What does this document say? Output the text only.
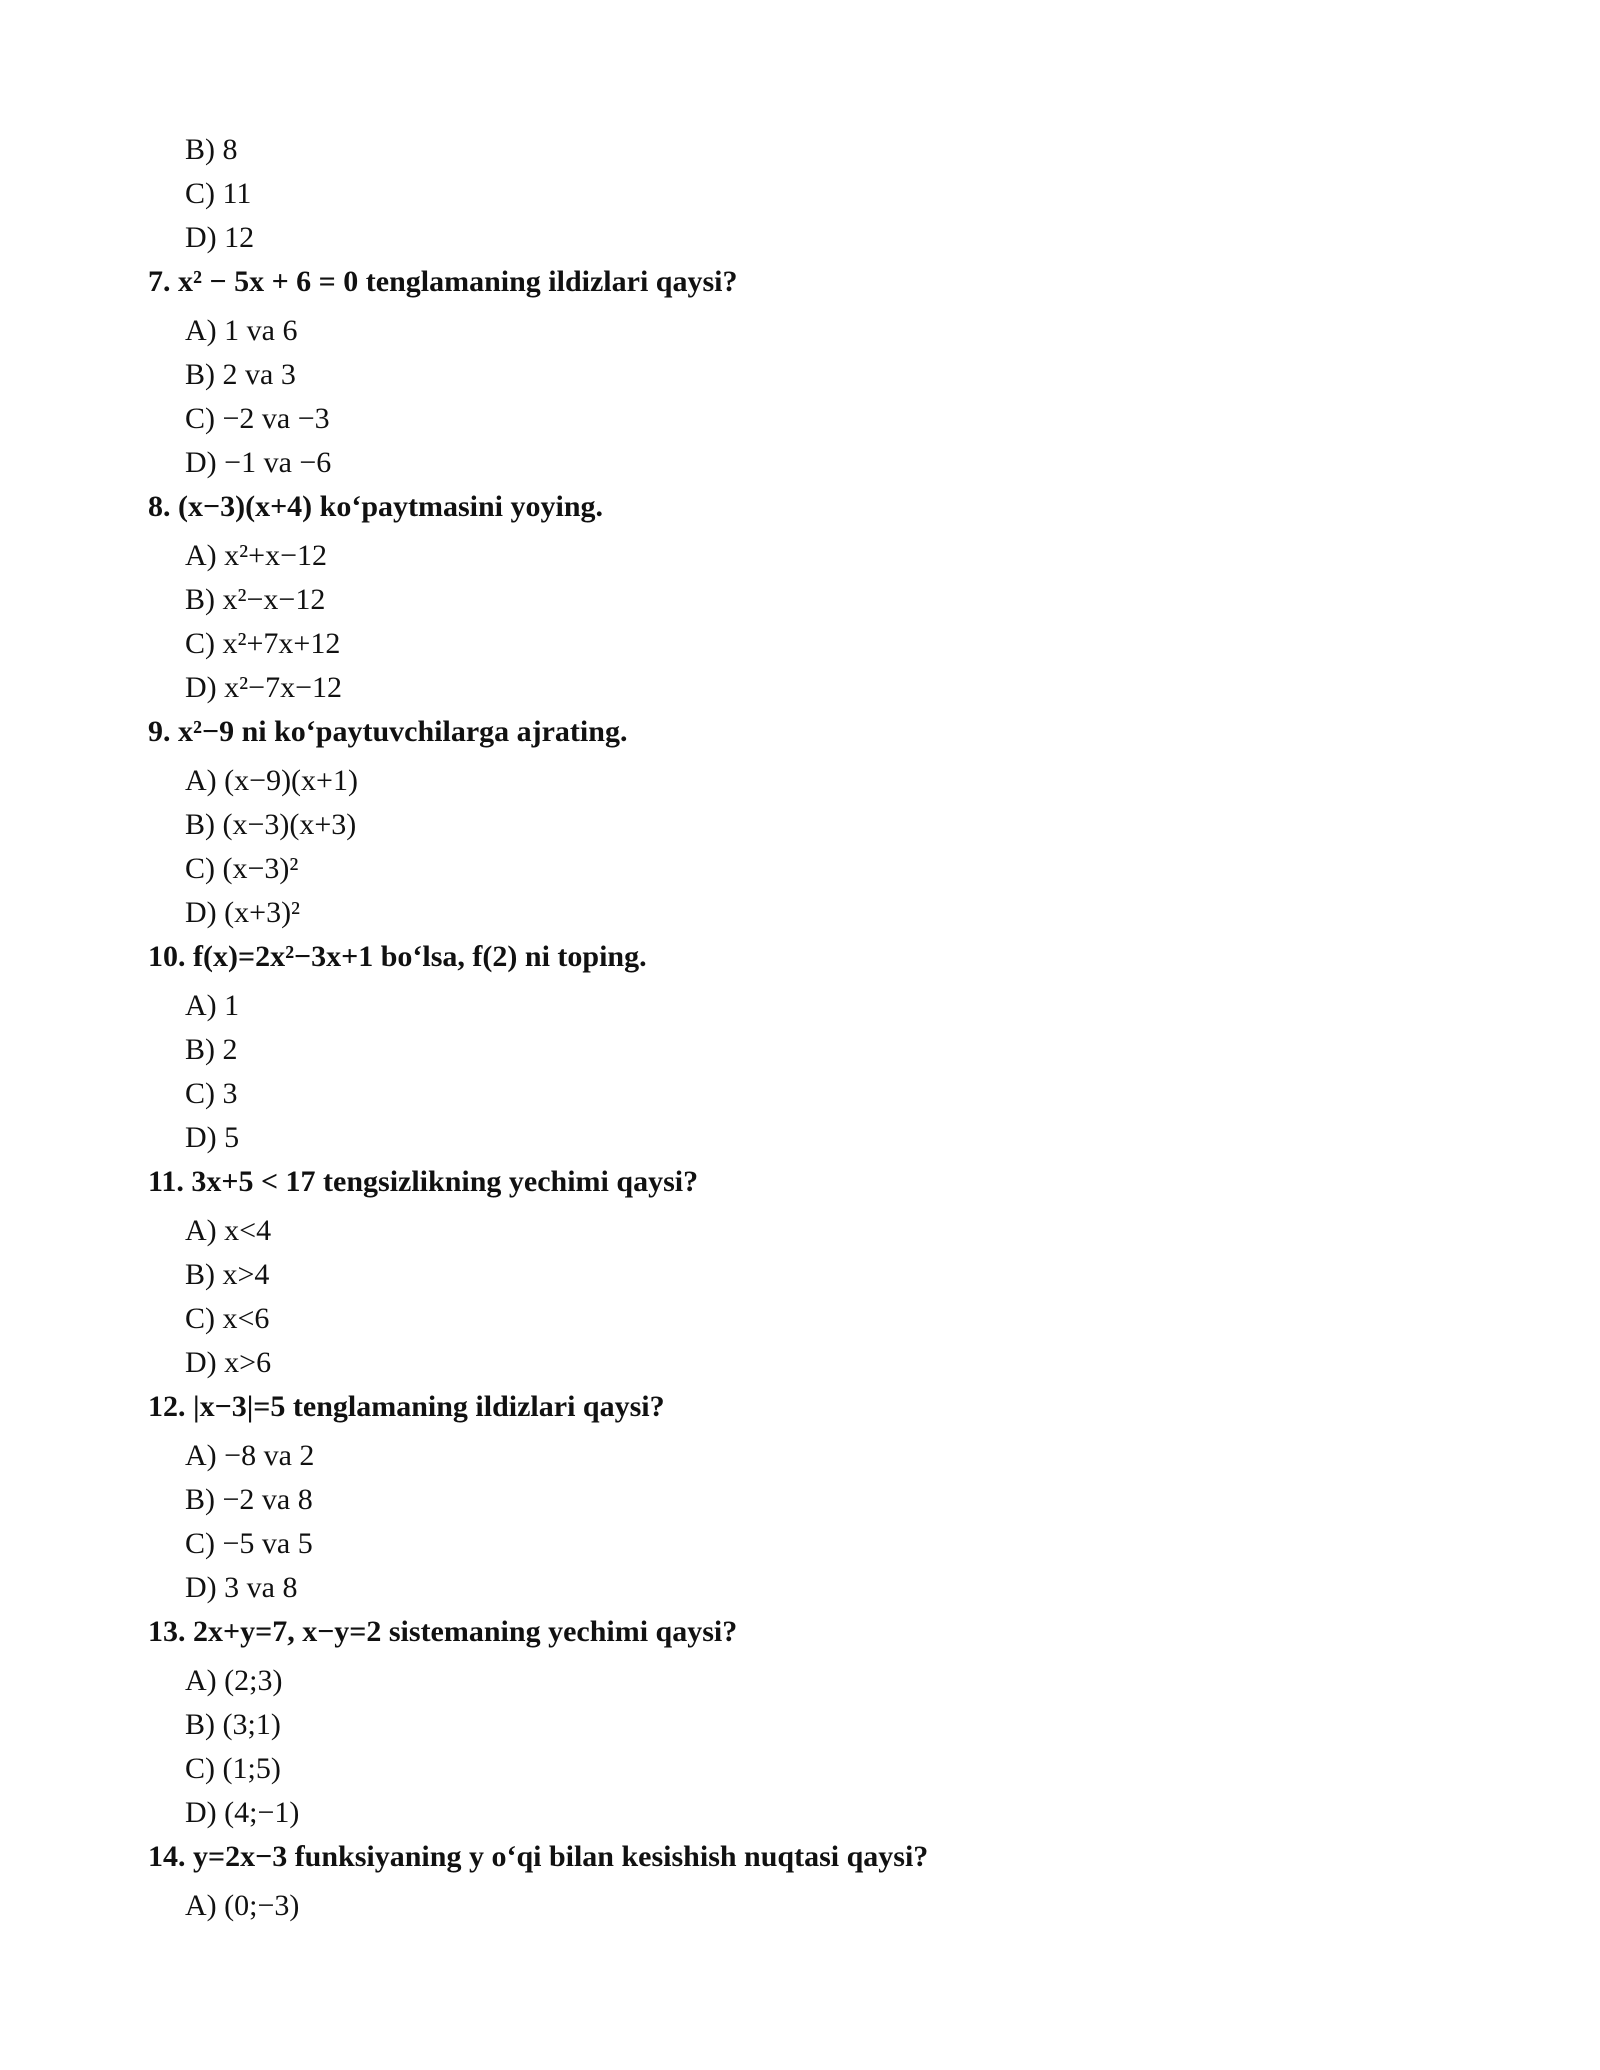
B) 8
C) 11
D) 12
7. x² − 5x + 6 = 0 tenglamaning ildizlari qaysi?
A) 1 va 6
B) 2 va 3
C) −2 va −3
D) −1 va −6
8. (x−3)(x+4) ko‘paytmasini yoying.
A) x²+x−12
B) x²−x−12
C) x²+7x+12
D) x²−7x−12
9. x²−9 ni ko‘paytuvchilarga ajrating.
A) (x−9)(x+1)
B) (x−3)(x+3)
C) (x−3)²
D) (x+3)²
10. f(x)=2x²−3x+1 bo‘lsa, f(2) ni toping.
A) 1
B) 2
C) 3
D) 5
11. 3x+5 < 17 tengsizlikning yechimi qaysi?
A) x<4
B) x>4
C) x<6
D) x>6
12. |x−3|=5 tenglamaning ildizlari qaysi?
A) −8 va 2
B) −2 va 8
C) −5 va 5
D) 3 va 8
13. 2x+y=7, x−y=2 sistemaning yechimi qaysi?
A) (2;3)
B) (3;1)
C) (1;5)
D) (4;−1)
14. y=2x−3 funksiyaning y o‘qi bilan kesishish nuqtasi qaysi?
A) (0;−3)
